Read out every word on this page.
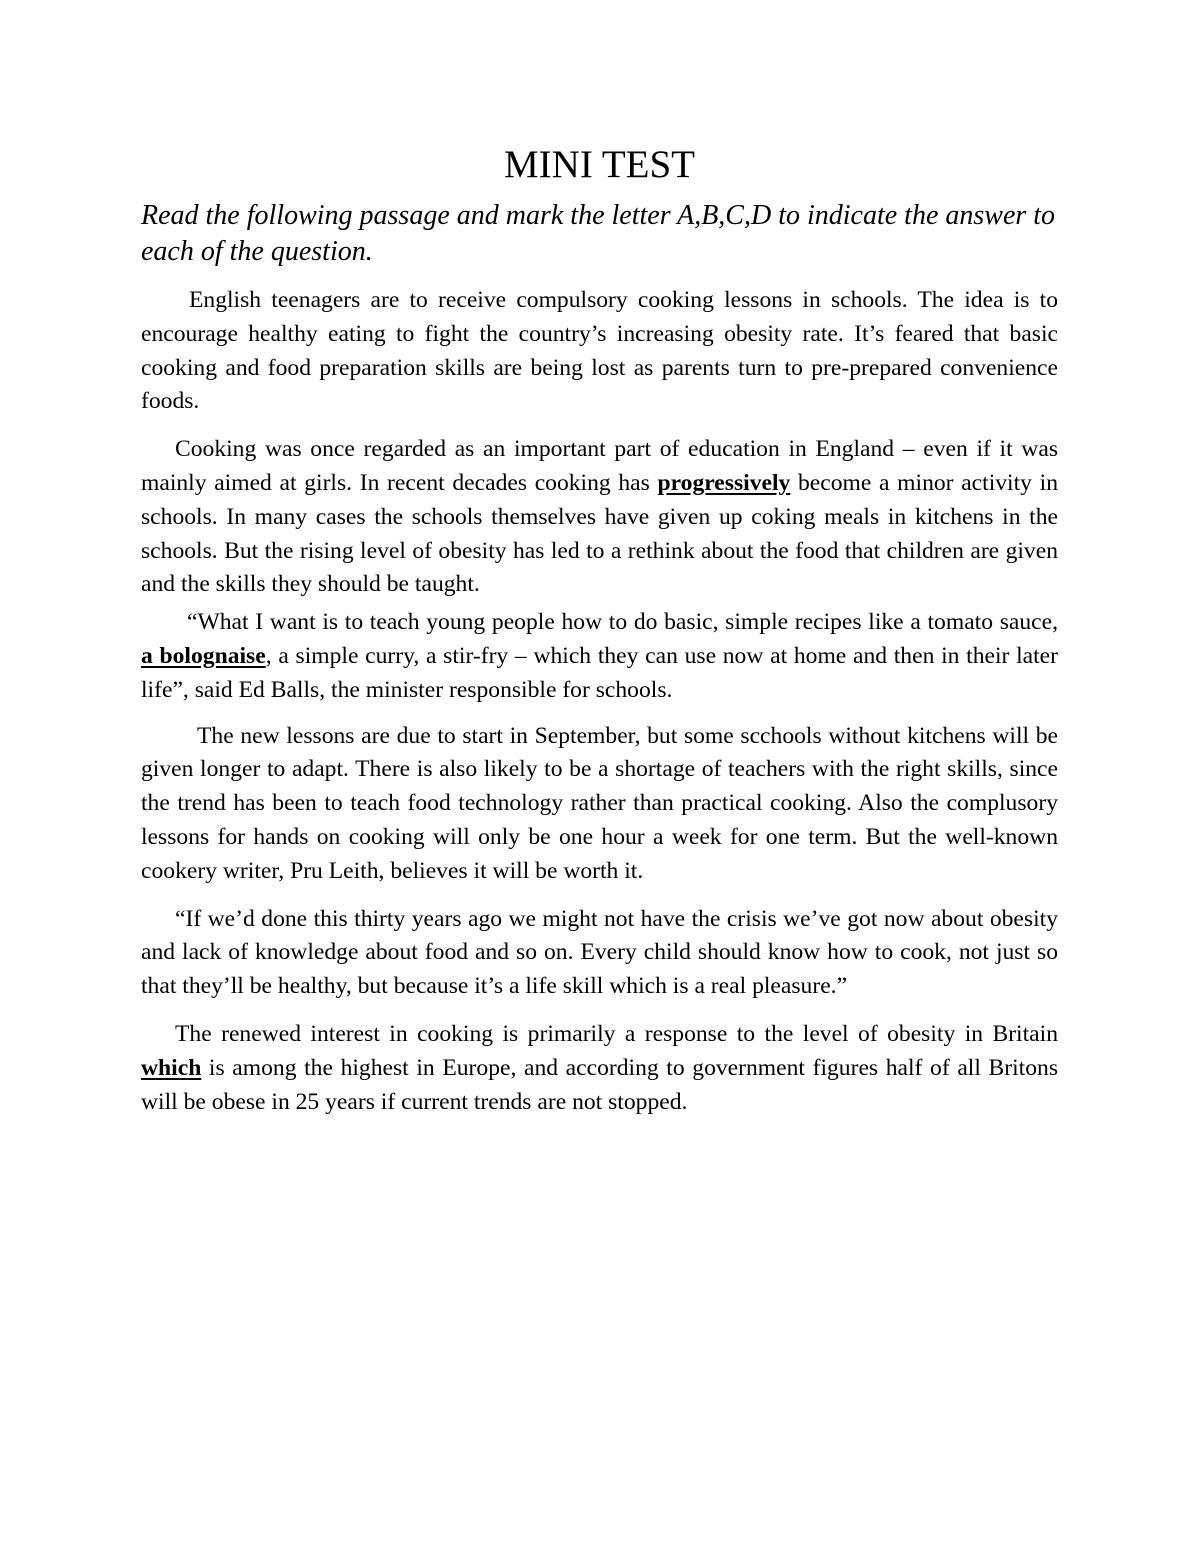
MINI TEST

Read the following passage and mark the letter A,B,C,D to indicate the answer to each of the question.

English teenagers are to receive compulsory cooking lessons in schools. The idea is to encourage healthy eating to fight the country’s increasing obesity rate. It’s feared that basic cooking and food preparation skills are being lost as parents turn to pre-prepared convenience foods.

Cooking was once regarded as an important part of education in England – even if it was mainly aimed at girls. In recent decades cooking has progressively become a minor activity in schools. In many cases the schools themselves have given up coking meals in kitchens in the schools. But the rising level of obesity has led to a rethink about the food that children are given and the skills they should be taught.

“What I want is to teach young people how to do basic, simple recipes like a tomato sauce, a bolognaise, a simple curry, a stir-fry – which they can use now at home and then in their later life”, said Ed Balls, the minister responsible for schools.

The new lessons are due to start in September, but some scchools without kitchens will be given longer to adapt. There is also likely to be a shortage of teachers with the right skills, since the trend has been to teach food technology rather than practical cooking. Also the complusory lessons for hands on cooking will only be one hour a week for one term. But the well-known cookery writer, Pru Leith, believes it will be worth it.

“If we’d done this thirty years ago we might not have the crisis we’ve got now about obesity and lack of knowledge about food and so on. Every child should know how to cook, not just so that they’ll be healthy, but because it’s a life skill which is a real pleasure.”

The renewed interest in cooking is primarily a response to the level of obesity in Britain which is among the highest in Europe, and according to government figures half of all Britons will be obese in 25 years if current trends are not stopped.
